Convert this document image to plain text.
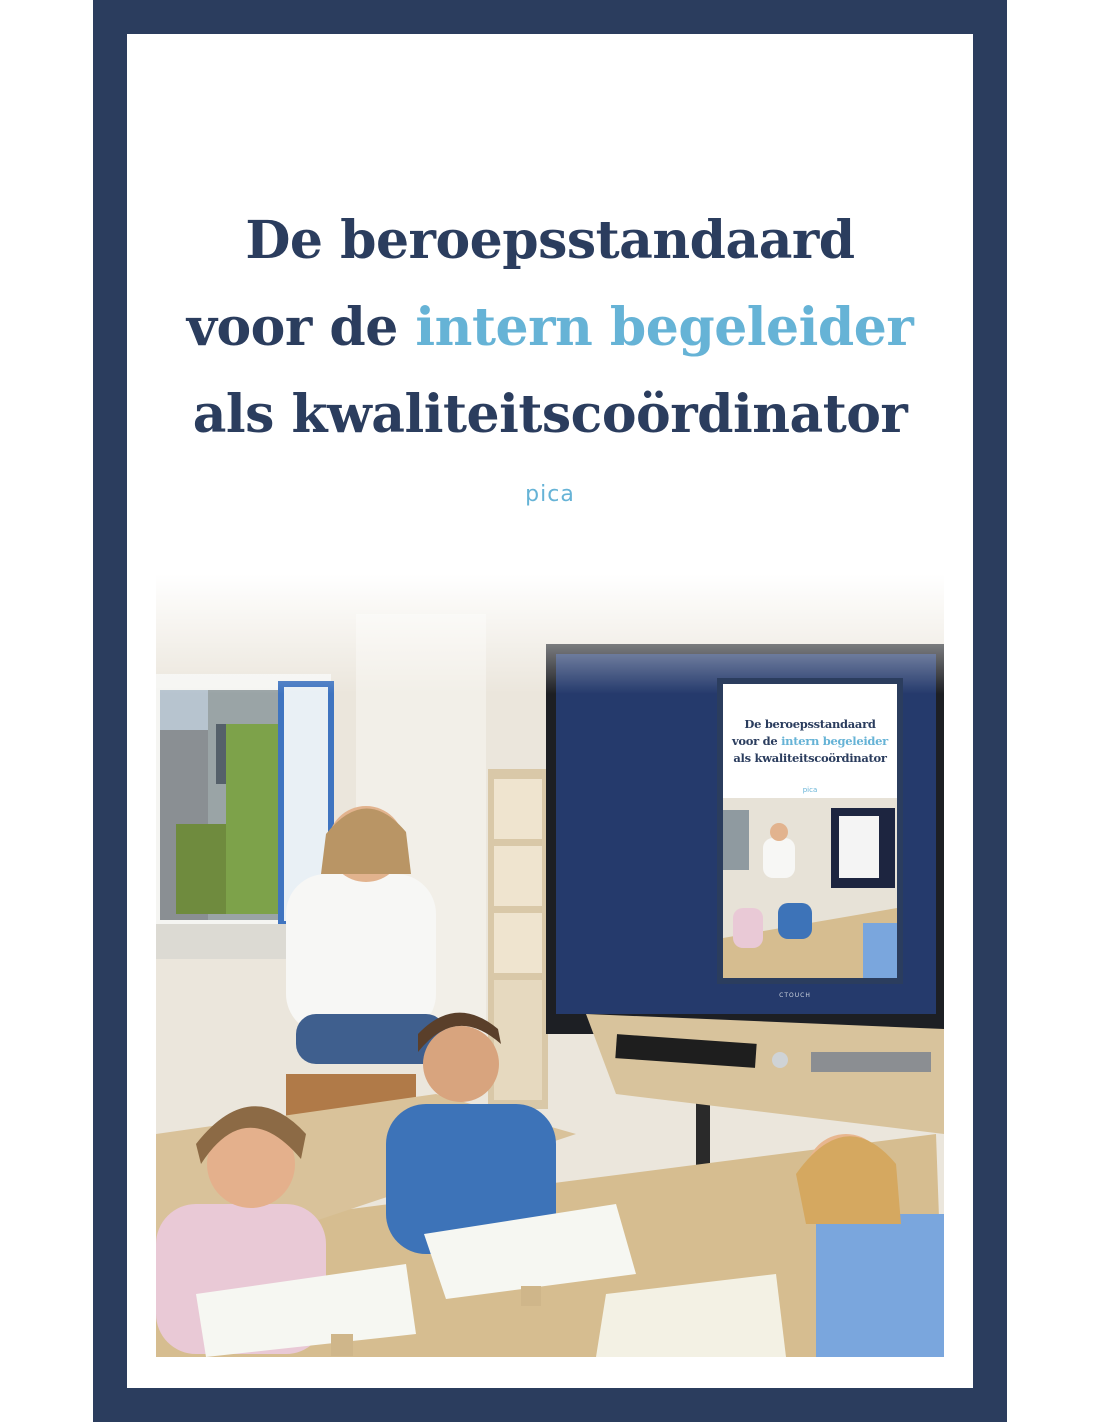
De beroepsstandaard
voor de intern begeleider
als kwaliteitscoördinator
pica
De beroepsstandaard
voor de intern begeleider
als kwaliteitscoördinator
pica
CTOUCH
